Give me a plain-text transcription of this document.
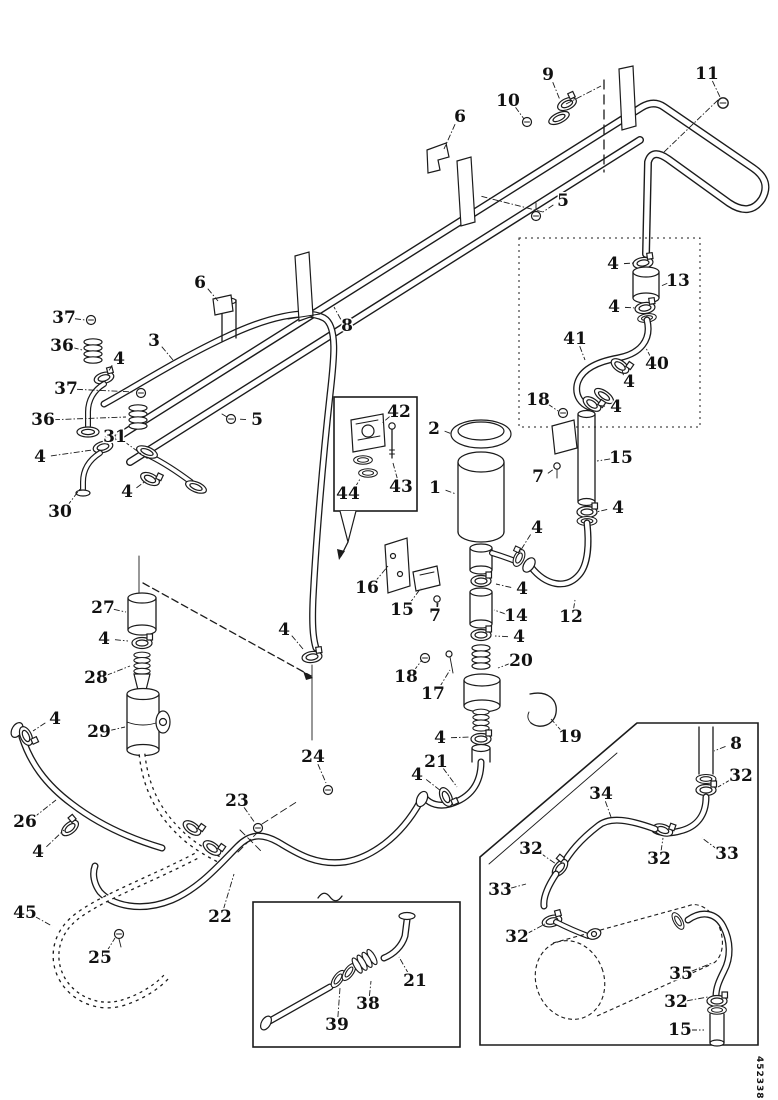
9
10
11
6
5
6
8
3
5
37
36
4
37
36
4
31
4
30
27
4
28
29
4
26
4
45
25
23
24
4
22
2
1
42
43
44
16
15 7
4
4
14 12
4
20
18
17
19
4
21
4
4
13
4
41
40
4
18	4
15
7
4
8
32
34
32
33
32	33
32
35
32
15
21
38
39
452338
